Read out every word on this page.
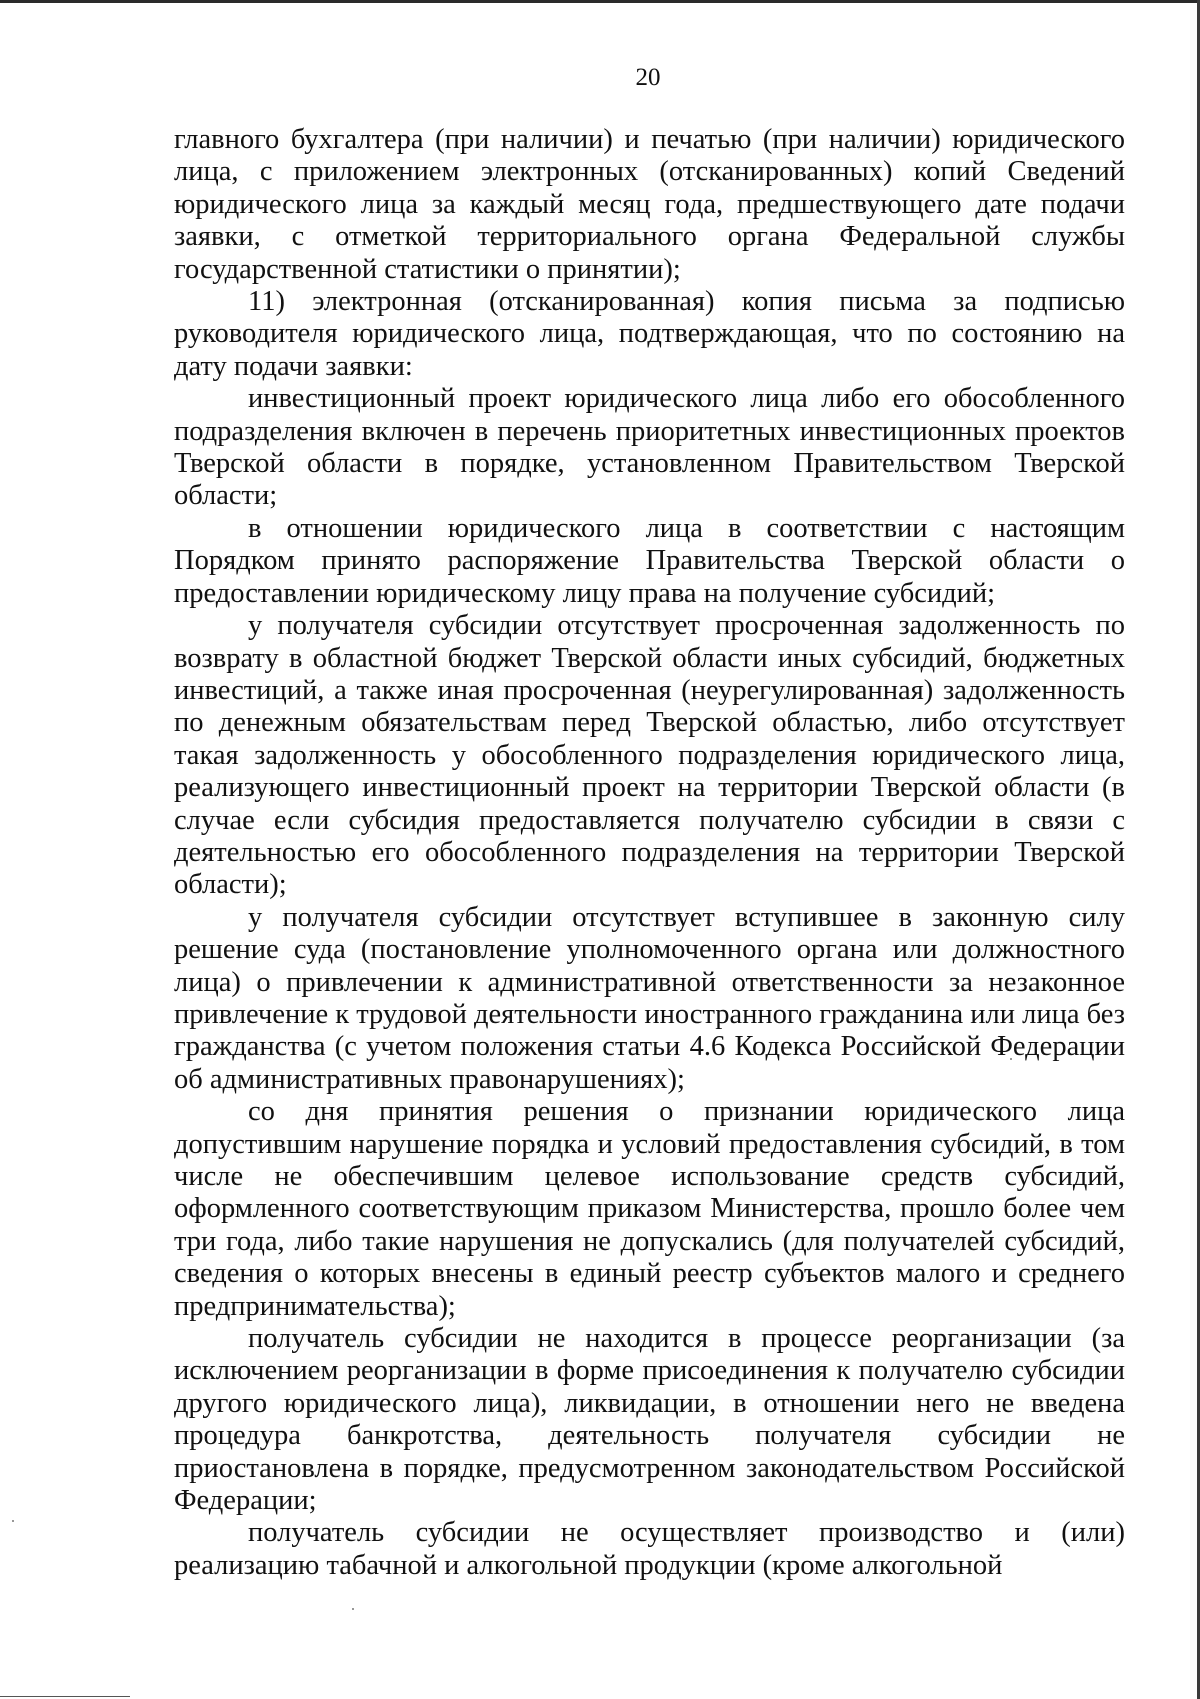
20

главного бухгалтера (при наличии) и печатью (при наличии) юридического лица, с приложением электронных (отсканированных) копий Сведений юридического лица за каждый месяц года, предшествующего дате подачи заявки, с отметкой территориального органа Федеральной службы государственной статистики о принятии);

11) электронная (отсканированная) копия письма за подписью руководителя юридического лица, подтверждающая, что по состоянию на дату подачи заявки:

инвестиционный проект юридического лица либо его обособленного подразделения включен в перечень приоритетных инвестиционных проектов Тверской области в порядке, установленном Правительством Тверской области;

в отношении юридического лица в соответствии с настоящим Порядком принято распоряжение Правительства Тверской области о предоставлении юридическому лицу права на получение субсидий;

у получателя субсидии отсутствует просроченная задолженность по возврату в областной бюджет Тверской области иных субсидий, бюджетных инвестиций, а также иная просроченная (неурегулированная) задолженность по денежным обязательствам перед Тверской областью, либо отсутствует такая задолженность у обособленного подразделения юридического лица, реализующего инвестиционный проект на территории Тверской области (в случае если субсидия предоставляется получателю субсидии в связи с деятельностью его обособленного подразделения на территории Тверской области);

у получателя субсидии отсутствует вступившее в законную силу решение суда (постановление уполномоченного органа или должностного лица) о привлечении к административной ответственности за незаконное привлечение к трудовой деятельности иностранного гражданина или лица без гражданства (с учетом положения статьи 4.6 Кодекса Российской Федерации об административных правонарушениях);

со дня принятия решения о признании юридического лица допустившим нарушение порядка и условий предоставления субсидий, в том числе не обеспечившим целевое использование средств субсидий, оформленного соответствующим приказом Министерства, прошло более чем три года, либо такие нарушения не допускались (для получателей субсидий, сведения о которых внесены в единый реестр субъектов малого и среднего предпринимательства);

получатель субсидии не находится в процессе реорганизации (за исключением реорганизации в форме присоединения к получателю субсидии другого юридического лица), ликвидации, в отношении него не введена процедура банкротства, деятельность получателя субсидии не приостановлена в порядке, предусмотренном законодательством Российской Федерации;

получатель субсидии не осуществляет производство и (или) реализацию табачной и алкогольной продукции (кроме алкогольной
